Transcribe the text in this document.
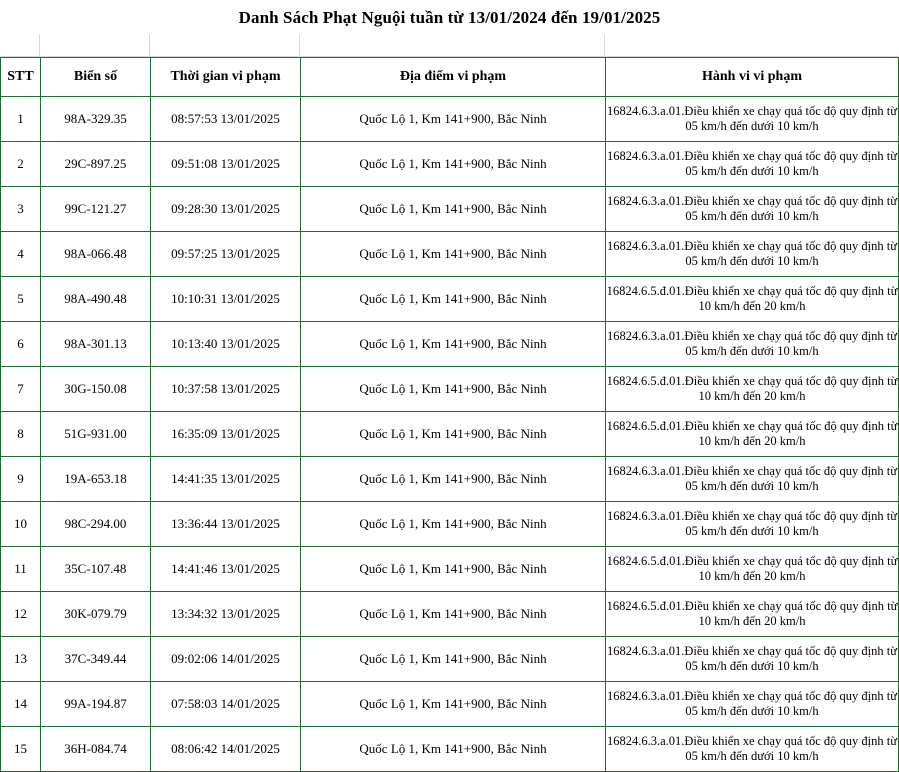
Danh Sách Phạt Nguội tuần từ 13/01/2024 đến 19/01/2025
STT	Biển số	Thời gian vi phạm	Địa điểm vi phạm	Hành vi vi phạm
1	98A-329.35	08:57:53 13/01/2025	Quốc Lộ 1, Km 141+900, Bắc Ninh	16824.6.3.a.01.Điều khiển xe chạy quá tốc độ quy định từ 05 km/h đến dưới 10 km/h
2	29C-897.25	09:51:08 13/01/2025	Quốc Lộ 1, Km 141+900, Bắc Ninh	16824.6.3.a.01.Điều khiển xe chạy quá tốc độ quy định từ 05 km/h đến dưới 10 km/h
3	99C-121.27	09:28:30 13/01/2025	Quốc Lộ 1, Km 141+900, Bắc Ninh	16824.6.3.a.01.Điều khiển xe chạy quá tốc độ quy định từ 05 km/h đến dưới 10 km/h
4	98A-066.48	09:57:25 13/01/2025	Quốc Lộ 1, Km 141+900, Bắc Ninh	16824.6.3.a.01.Điều khiển xe chạy quá tốc độ quy định từ 05 km/h đến dưới 10 km/h
5	98A-490.48	10:10:31 13/01/2025	Quốc Lộ 1, Km 141+900, Bắc Ninh	16824.6.5.đ.01.Điều khiển xe chạy quá tốc độ quy định từ 10 km/h đến 20 km/h
6	98A-301.13	10:13:40 13/01/2025	Quốc Lộ 1, Km 141+900, Bắc Ninh	16824.6.3.a.01.Điều khiển xe chạy quá tốc độ quy định từ 05 km/h đến dưới 10 km/h
7	30G-150.08	10:37:58 13/01/2025	Quốc Lộ 1, Km 141+900, Bắc Ninh	16824.6.5.đ.01.Điều khiển xe chạy quá tốc độ quy định từ 10 km/h đến 20 km/h
8	51G-931.00	16:35:09 13/01/2025	Quốc Lộ 1, Km 141+900, Bắc Ninh	16824.6.5.đ.01.Điều khiển xe chạy quá tốc độ quy định từ 10 km/h đến 20 km/h
9	19A-653.18	14:41:35 13/01/2025	Quốc Lộ 1, Km 141+900, Bắc Ninh	16824.6.3.a.01.Điều khiển xe chạy quá tốc độ quy định từ 05 km/h đến dưới 10 km/h
10	98C-294.00	13:36:44 13/01/2025	Quốc Lộ 1, Km 141+900, Bắc Ninh	16824.6.3.a.01.Điều khiển xe chạy quá tốc độ quy định từ 05 km/h đến dưới 10 km/h
11	35C-107.48	14:41:46 13/01/2025	Quốc Lộ 1, Km 141+900, Bắc Ninh	16824.6.5.đ.01.Điều khiển xe chạy quá tốc độ quy định từ 10 km/h đến 20 km/h
12	30K-079.79	13:34:32 13/01/2025	Quốc Lộ 1, Km 141+900, Bắc Ninh	16824.6.5.đ.01.Điều khiển xe chạy quá tốc độ quy định từ 10 km/h đến 20 km/h
13	37C-349.44	09:02:06 14/01/2025	Quốc Lộ 1, Km 141+900, Bắc Ninh	16824.6.3.a.01.Điều khiển xe chạy quá tốc độ quy định từ 05 km/h đến dưới 10 km/h
14	99A-194.87	07:58:03 14/01/2025	Quốc Lộ 1, Km 141+900, Bắc Ninh	16824.6.3.a.01.Điều khiển xe chạy quá tốc độ quy định từ 05 km/h đến dưới 10 km/h
15	36H-084.74	08:06:42 14/01/2025	Quốc Lộ 1, Km 141+900, Bắc Ninh	16824.6.3.a.01.Điều khiển xe chạy quá tốc độ quy định từ 05 km/h đến dưới 10 km/h
